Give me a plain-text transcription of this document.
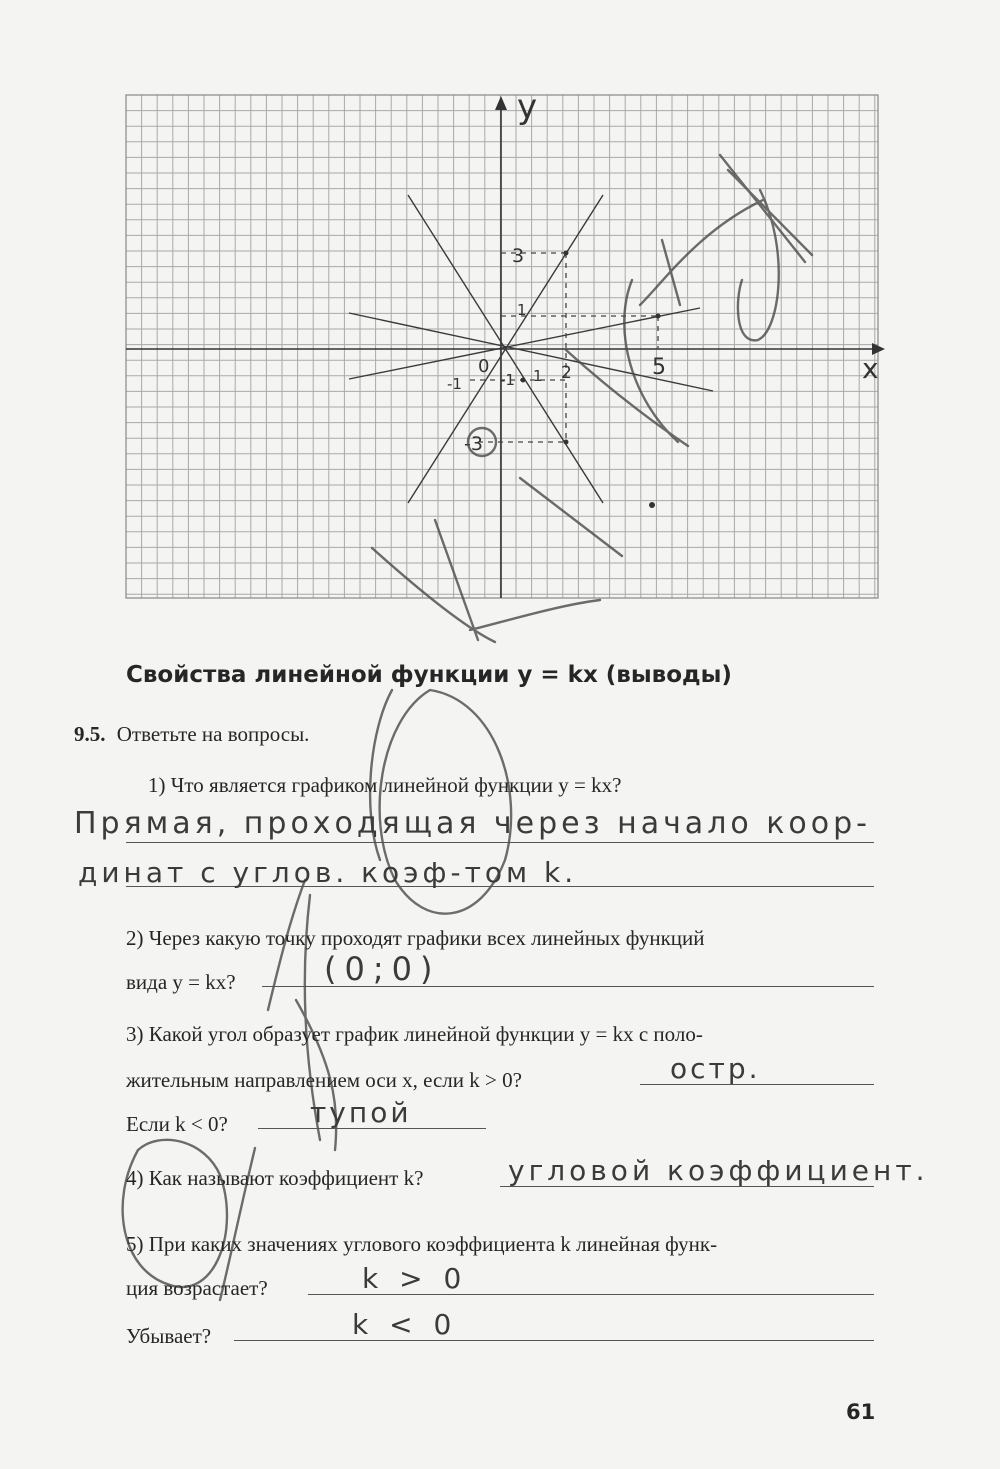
y
x
0
3
1
-1
-3
-1 1 2	5
Свойства линейной функции y = kx (выводы)
9.5. Ответьте на вопросы.
1) Что является графиком линейной функции y = kx?
Прямая, проходящая через начало коор-
динат с углов. коэф-том k.
2) Через какую точку проходят графики всех линейных функций
вида y = kx?	(0;0)
3) Какой угол образует график линейной функции y = kx с поло-
жительным направлением оси x, если k > 0?	остр.
Если k < 0?	тупой
4) Как называют коэффициент k?	угловой коэффициент.
5) При каких значениях углового коэффициента k линейная функ-
ция возрастает?	k > 0
Убывает?	k < 0
61
